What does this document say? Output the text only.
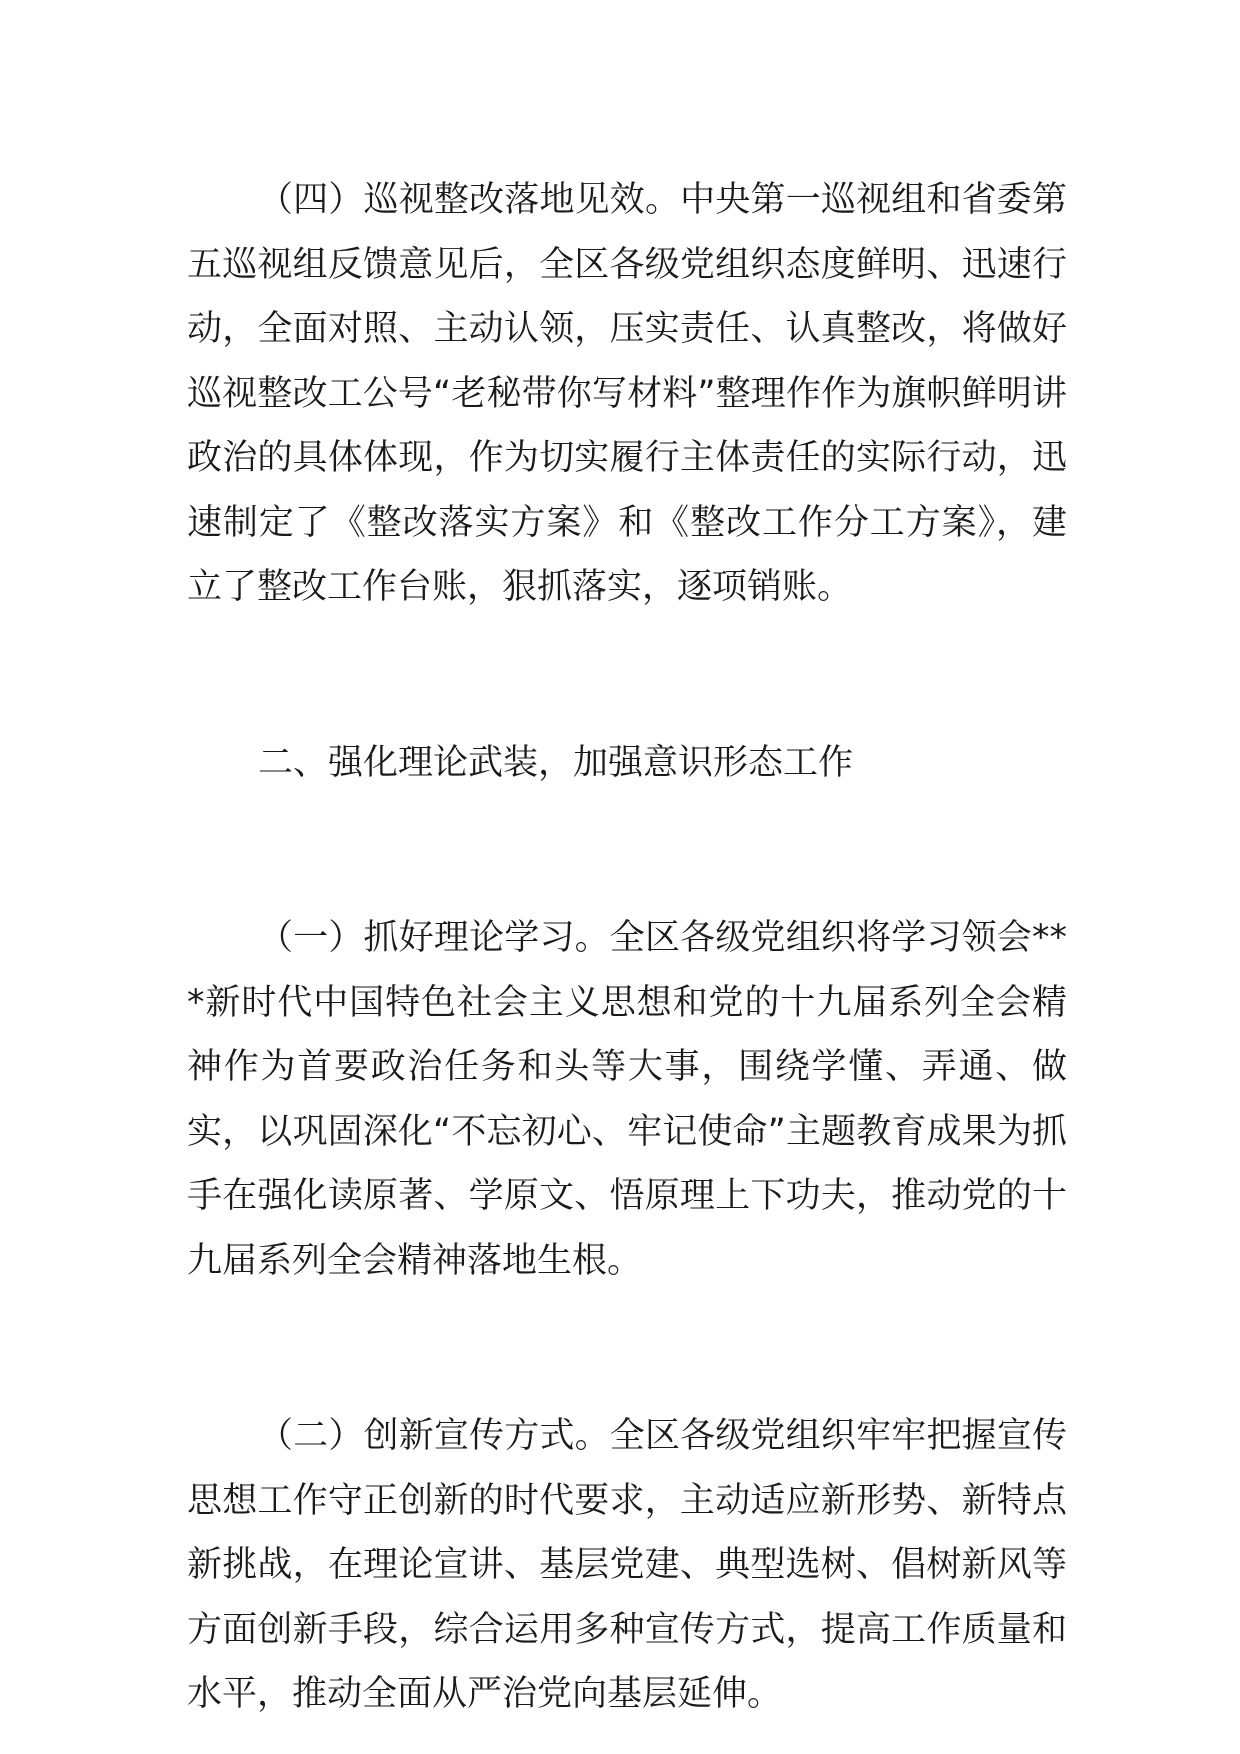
（四）巡视整改落地见效。中央第一巡视组和省委第五巡视组反馈意见后，全区各级党组织态度鲜明、迅速行动，全面对照、主动认领，压实责任、认真整改，将做好巡视整改工公号“老秘带你写材料”整理作作为旗帜鲜明讲政治的具体体现，作为切实履行主体责任的实际行动，迅速制定了《整改落实方案》和《整改工作分工方案》，建立了整改工作台账，狠抓落实，逐项销账。

二、强化理论武装，加强意识形态工作

（一）抓好理论学习。全区各级党组织将学习领会***新时代中国特色社会主义思想和党的十九届系列全会精神作为首要政治任务和头等大事，围绕学懂、弄通、做实，以巩固深化“不忘初心、牢记使命”主题教育成果为抓手在强化读原著、学原文、悟原理上下功夫，推动党的十九届系列全会精神落地生根。

（二）创新宣传方式。全区各级党组织牢牢把握宣传思想工作守正创新的时代要求，主动适应新形势、新特点新挑战，在理论宣讲、基层党建、典型选树、倡树新风等方面创新手段，综合运用多种宣传方式，提高工作质量和水平，推动全面从严治党向基层延伸。
